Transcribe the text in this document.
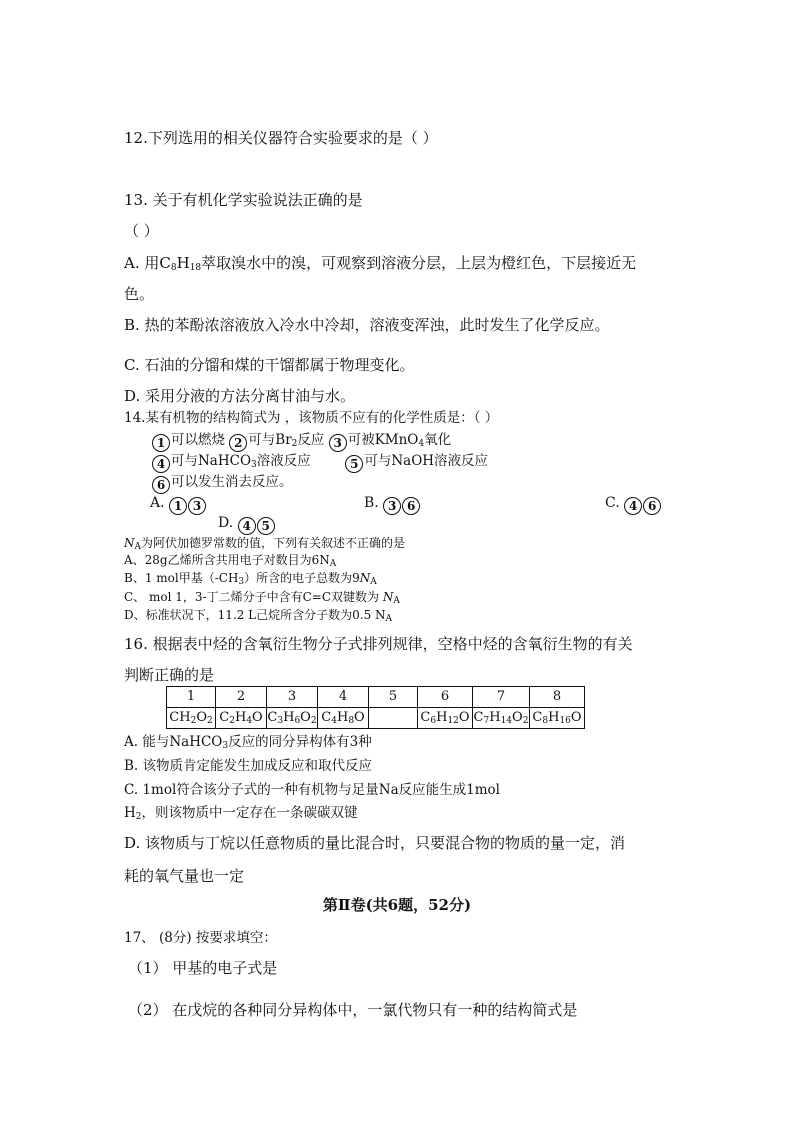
12.下列选用的相关仪器符合实验要求的是（ ）
13. 关于有机化学实验说法正确的是
（ ）
A. 用$C_8H_{18}$萃取溴水中的溴，可观察到溶液分层，上层为橙红色，下层接近无
色。
B. 热的苯酚浓溶液放入冷水中冷却，溶液变浑浊，此时发生了化学反应。
C. 石油的分馏和煤的干馏都属于物理变化。
D. 采用分液的方法分离甘油与水。
14.某有机物的结构简式为 ，该物质不应有的化学性质是：（ ）
1 可以燃烧 2 可与$Br_2$反应 3 可被KMnO$_4$氧化
4 可与NaHCO$_3$溶液反应	5 可与NaOH溶液反应
6 可以发生消去反应。
A. 1 3	B. 3 6	C. 4 6
D. 4 5
$N_A$为阿伏加德罗常数的值，下列有关叙述不正确的是
A、28g乙烯所含共用电子对数目为$6N_A$
B、1 mol甲基$(-CH_3)$所含的电子总数为$9N_A$
C、 mol 1，3-丁二烯分子中含有C=C双键数为 $N_A$
D、标准状况下，11.2 L己烷所含分子数为0.5 $N_A$
16. 根据表中烃的含氧衍生物分子式排列规律，空格中烃的含氧衍生物的有关
判断正确的是
1	2	3	4	5	6	7	8
$CH_2O_2$	$C_2H_4O$	$C_3H_6O_2$	$C_4H_8O$		$C_6H_{12}O$	$C_7H_{14}O_2$	$C_8H_{16}O$
A. 能与NaHCO$_3$反应的同分异构体有3种
B. 该物质肯定能发生加成反应和取代反应
C. 1mol符合该分子式的一种有机物与足量Na反应能生成1mol
$H_2$，则该物质中一定存在一条碳碳双键
D. 该物质与丁烷以任意物质的量比混合时，只要混合物的物质的量一定，消
耗的氧气量也一定
第Ⅱ卷(共6题，52分)
17、 (8分) 按要求填空：
（1） 甲基的电子式是
（2） 在戊烷的各种同分异构体中，一氯代物只有一种的结构简式是
